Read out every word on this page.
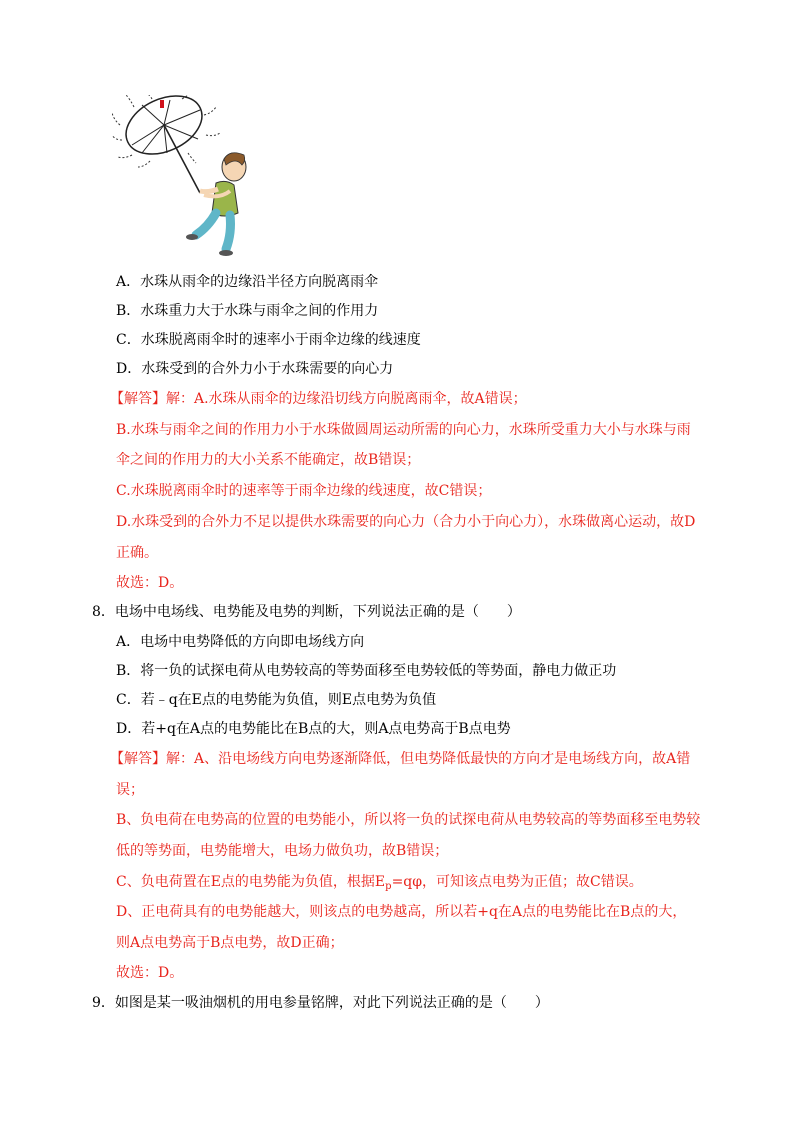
A．水珠从雨伞的边缘沿半径方向脱离雨伞
B．水珠重力大于水珠与雨伞之间的作用力
C．水珠脱离雨伞时的速率小于雨伞边缘的线速度
D．水珠受到的合外力小于水珠需要的向心力
【解答】解：A.水珠从雨伞的边缘沿切线方向脱离雨伞，故A错误；
B.水珠与雨伞之间的作用力小于水珠做圆周运动所需的向心力，水珠所受重力大小与水珠与雨
伞之间的作用力的大小关系不能确定，故B错误；
C.水珠脱离雨伞时的速率等于雨伞边缘的线速度，故C错误；
D.水珠受到的合外力不足以提供水珠需要的向心力（合力小于向心力），水珠做离心运动，故D
正确。
故选：D。
8．电场中电场线、电势能及电势的判断，下列说法正确的是（　　）
A．电场中电势降低的方向即电场线方向
B．将一负的试探电荷从电势较高的等势面移至电势较低的等势面，静电力做正功
C．若﹣q在E点的电势能为负值，则E点电势为负值
D．若+q在A点的电势能比在B点的大，则A点电势高于B点电势
【解答】解：A、沿电场线方向电势逐渐降低，但电势降低最快的方向才是电场线方向，故A错
误；
B、负电荷在电势高的位置的电势能小，所以将一负的试探电荷从电势较高的等势面移至电势较
低的等势面，电势能增大，电场力做负功，故B错误；
C、负电荷置在E点的电势能为负值，根据$E_p=q\varphi$，可知该点电势为正值；故C错误。
D、正电荷具有的电势能越大，则该点的电势越高，所以若+q在A点的电势能比在B点的大，
则A点电势高于B点电势，故D正确；
故选：D。
9．如图是某一吸油烟机的用电参量铭牌，对此下列说法正确的是（　　）
